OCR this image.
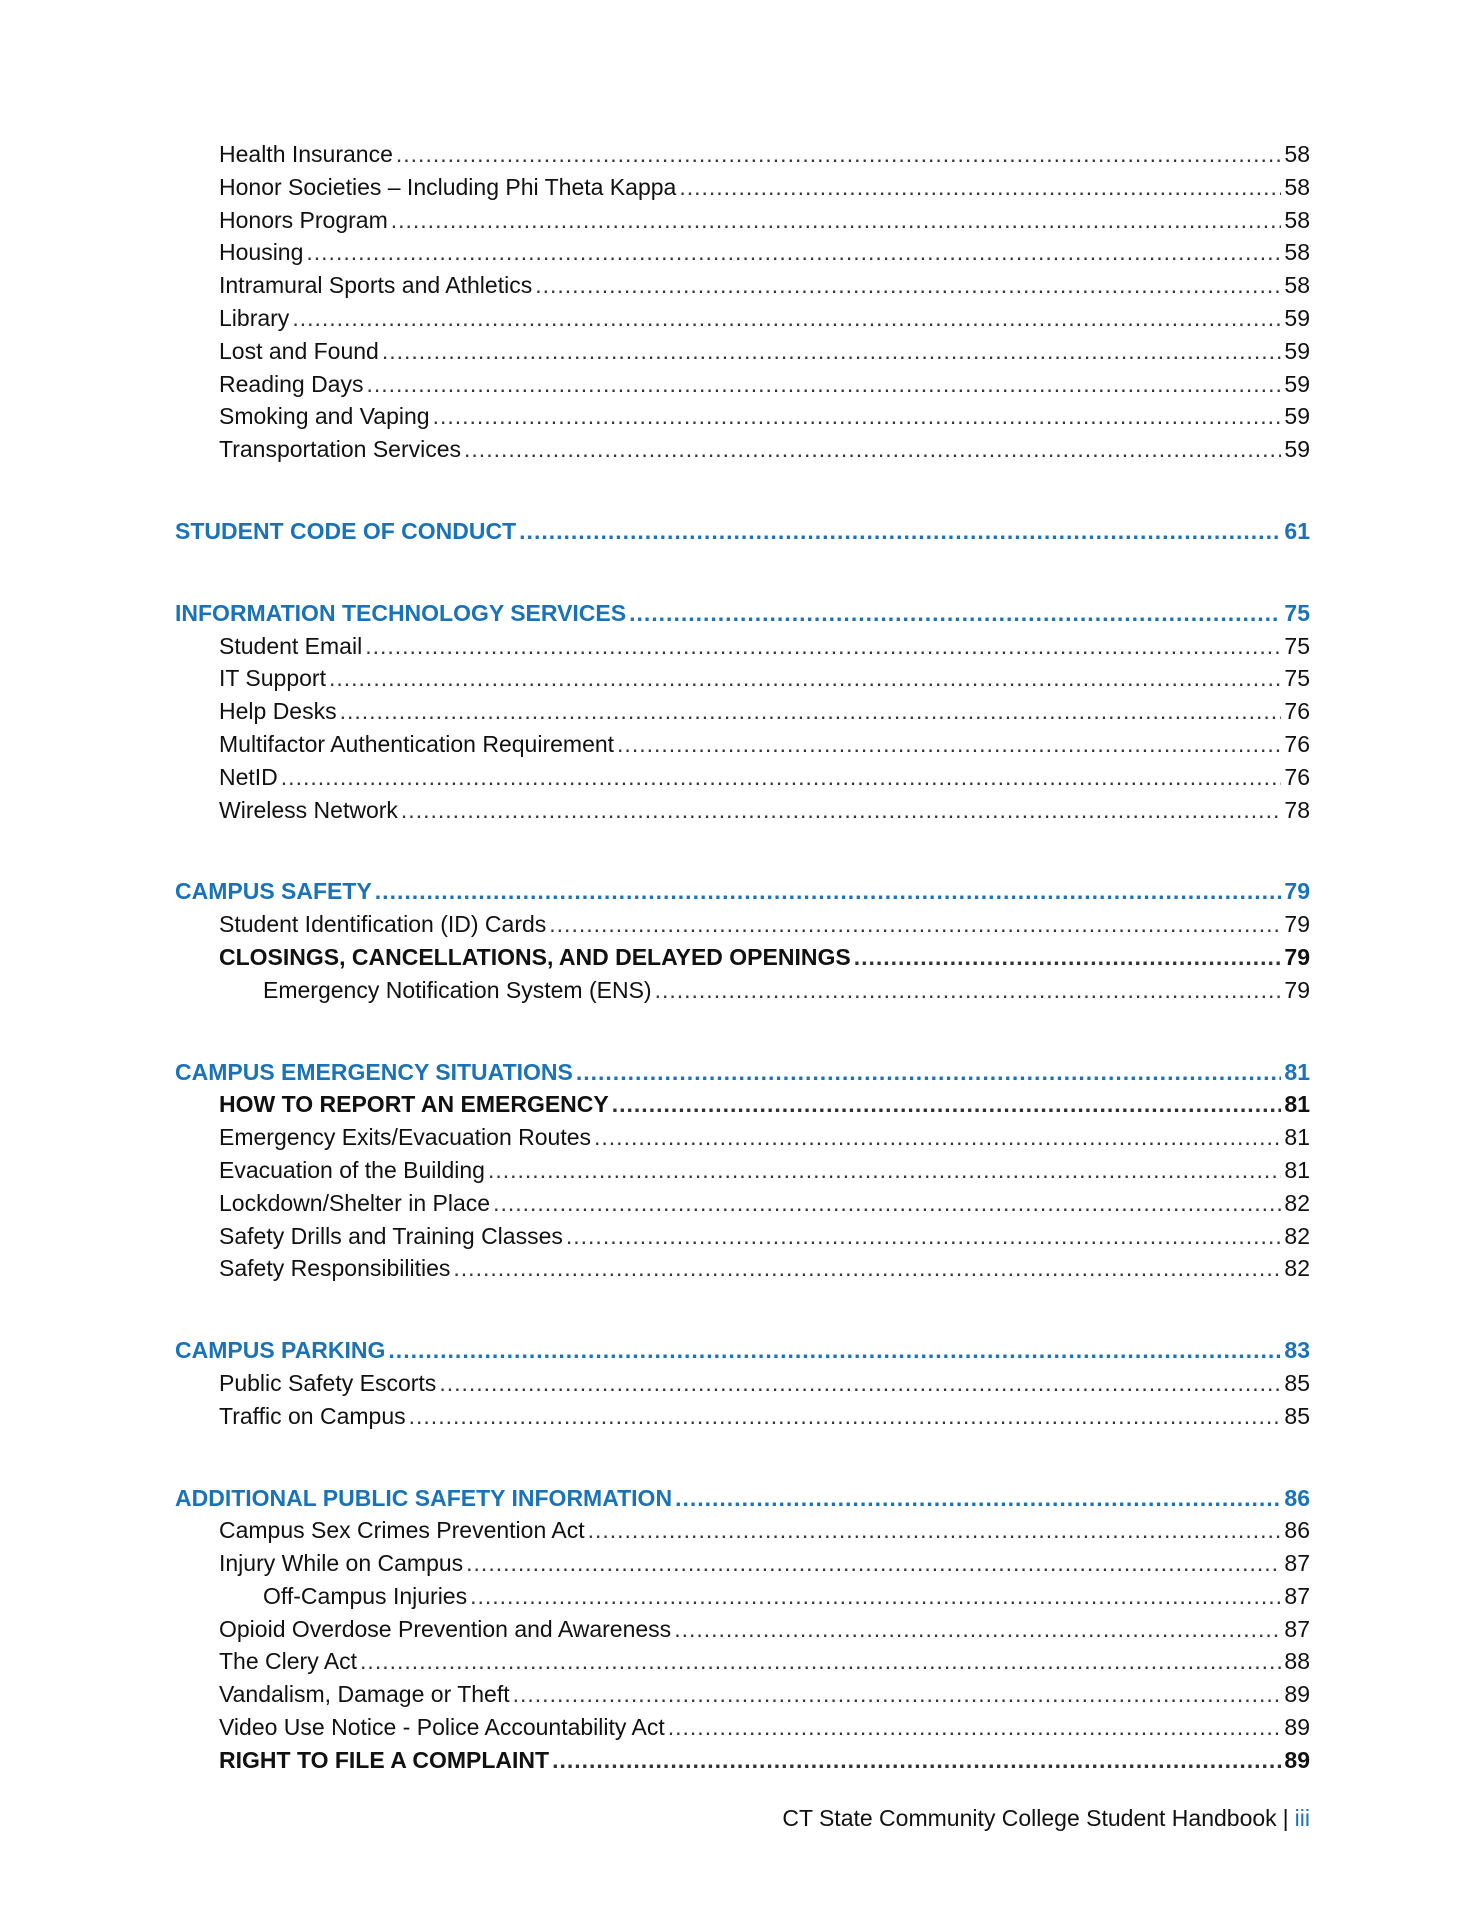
Health Insurance .....	58
Honor Societies – Including Phi Theta Kappa .....	58
Honors Program .....	58
Housing .....	58
Intramural Sports and Athletics .....	58
Library .....	59
Lost and Found .....	59
Reading Days .....	59
Smoking and Vaping .....	59
Transportation Services .....	59
STUDENT CODE OF CONDUCT .....	61
INFORMATION TECHNOLOGY SERVICES .....	75
Student Email .....	75
IT Support .....	75
Help Desks .....	76
Multifactor Authentication Requirement .....	76
NetID .....	76
Wireless Network .....	78
CAMPUS SAFETY .....	79
Student Identification (ID) Cards .....	79
CLOSINGS, CANCELLATIONS, AND DELAYED OPENINGS .....	79
Emergency Notification System (ENS) .....	79
CAMPUS EMERGENCY SITUATIONS .....	81
HOW TO REPORT AN EMERGENCY .....	81
Emergency Exits/Evacuation Routes .....	81
Evacuation of the Building .....	81
Lockdown/Shelter in Place .....	82
Safety Drills and Training Classes .....	82
Safety Responsibilities .....	82
CAMPUS PARKING .....	83
Public Safety Escorts .....	85
Traffic on Campus .....	85
ADDITIONAL PUBLIC SAFETY INFORMATION .....	86
Campus Sex Crimes Prevention Act .....	86
Injury While on Campus .....	87
Off-Campus Injuries .....	87
Opioid Overdose Prevention and Awareness .....	87
The Clery Act .....	88
Vandalism, Damage or Theft .....	89
Video Use Notice - Police Accountability Act .....	89
RIGHT TO FILE A COMPLAINT .....	89
CT State Community College Student Handbook | iii
